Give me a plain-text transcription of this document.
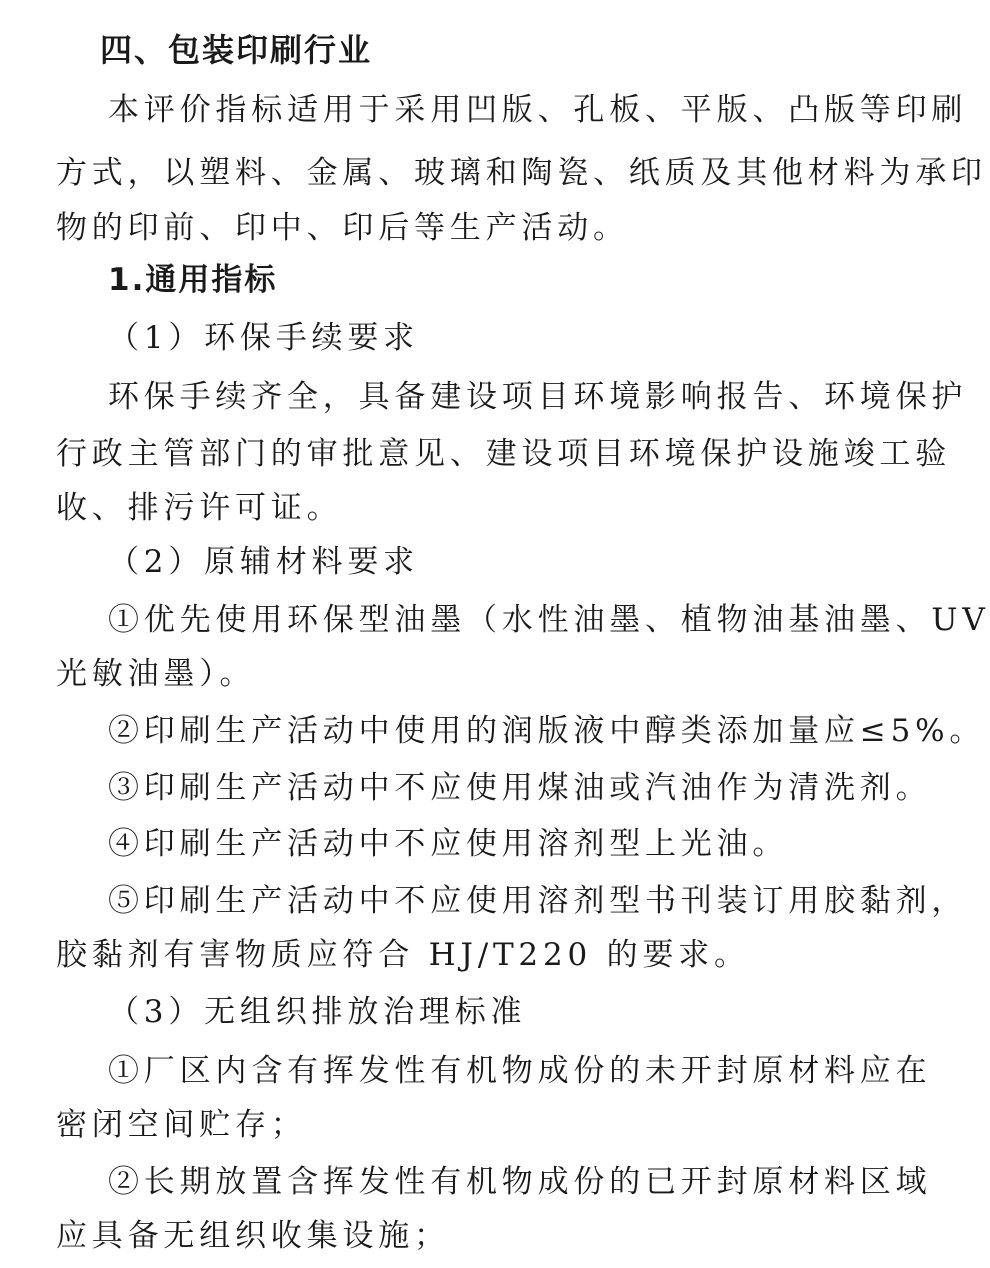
四、包装印刷行业
本评价指标适用于采用凹版、孔板、平版、凸版等印刷
方式，以塑料、金属、玻璃和陶瓷、纸质及其他材料为承印
物的印前、印中、印后等生产活动。
1.通用指标
（1）环保手续要求
环保手续齐全，具备建设项目环境影响报告、环境保护
行政主管部门的审批意见、建设项目环境保护设施竣工验
收、排污许可证。
（2）原辅材料要求
①优先使用环保型油墨（水性油墨、植物油基油墨、UV
光敏油墨）。
②印刷生产活动中使用的润版液中醇类添加量应≤5%。
③印刷生产活动中不应使用煤油或汽油作为清洗剂。
④印刷生产活动中不应使用溶剂型上光油。
⑤印刷生产活动中不应使用溶剂型书刊装订用胶黏剂，
胶黏剂有害物质应符合 HJ/T220 的要求。
（3）无组织排放治理标准
①厂区内含有挥发性有机物成份的未开封原材料应在
密闭空间贮存；
②长期放置含挥发性有机物成份的已开封原材料区域
应具备无组织收集设施；
